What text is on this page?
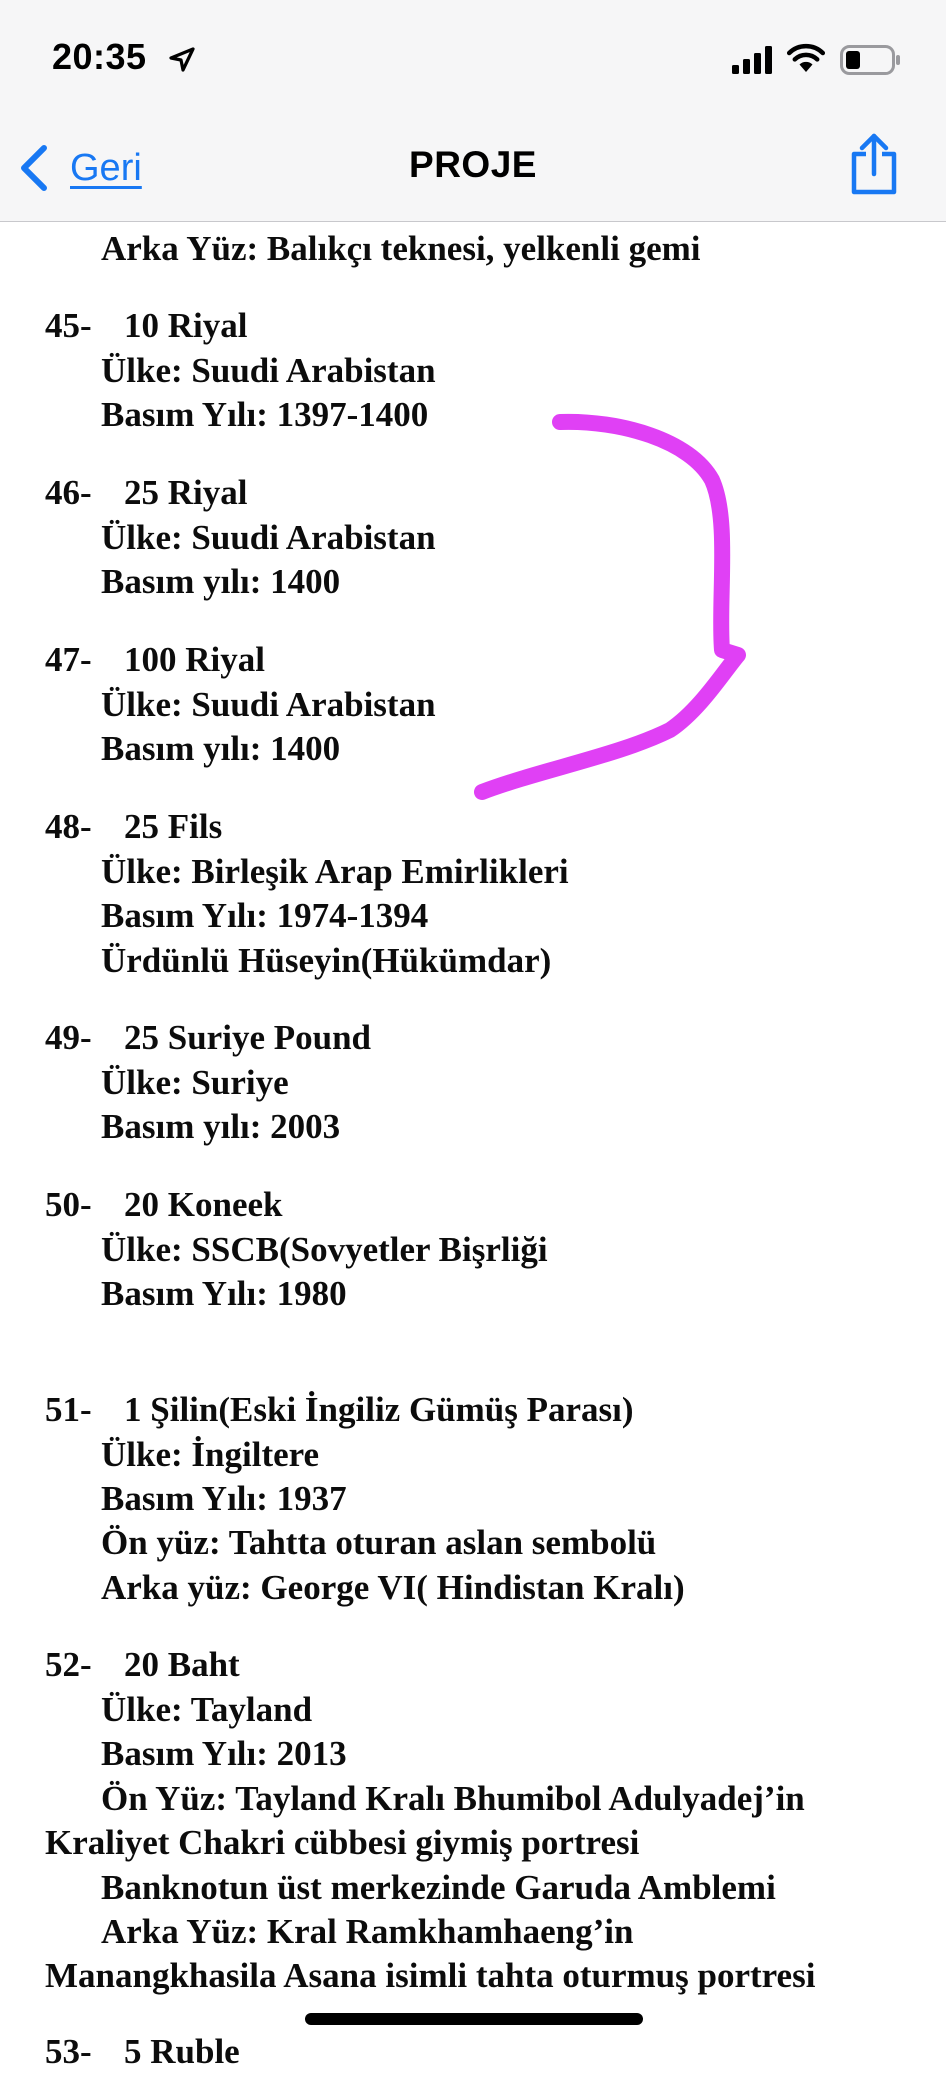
20:35
Geri	PROJE
Arka Yüz: Balıkçı teknesi, yelkenli gemi
45- 10 Riyal
Ülke: Suudi Arabistan
Basım Yılı: 1397-1400
46- 25 Riyal
Ülke: Suudi Arabistan
Basım yılı: 1400
47- 100 Riyal
Ülke: Suudi Arabistan
Basım yılı: 1400
48- 25 Fils
Ülke: Birleşik Arap Emirlikleri
Basım Yılı: 1974-1394
Ürdünlü Hüseyin(Hükümdar)
49- 25 Suriye Pound
Ülke: Suriye
Basım yılı: 2003
50- 20 Koneek
Ülke: SSCB(Sovyetler Bişrliği
Basım Yılı: 1980
51- 1 Şilin(Eski İngiliz Gümüş Parası)
Ülke: İngiltere
Basım Yılı: 1937
Ön yüz: Tahtta oturan aslan sembolü
Arka yüz: George VI( Hindistan Kralı)
52- 20 Baht
Ülke: Tayland
Basım Yılı: 2013
Ön Yüz: Tayland Kralı Bhumibol Adulyadej’in
Kraliyet Chakri cübbesi giymiş portresi
Banknotun üst merkezinde Garuda Amblemi
Arka Yüz: Kral Ramkhamhaeng’in
Manangkhasila Asana isimli tahta oturmuş portresi
53- 5 Ruble
